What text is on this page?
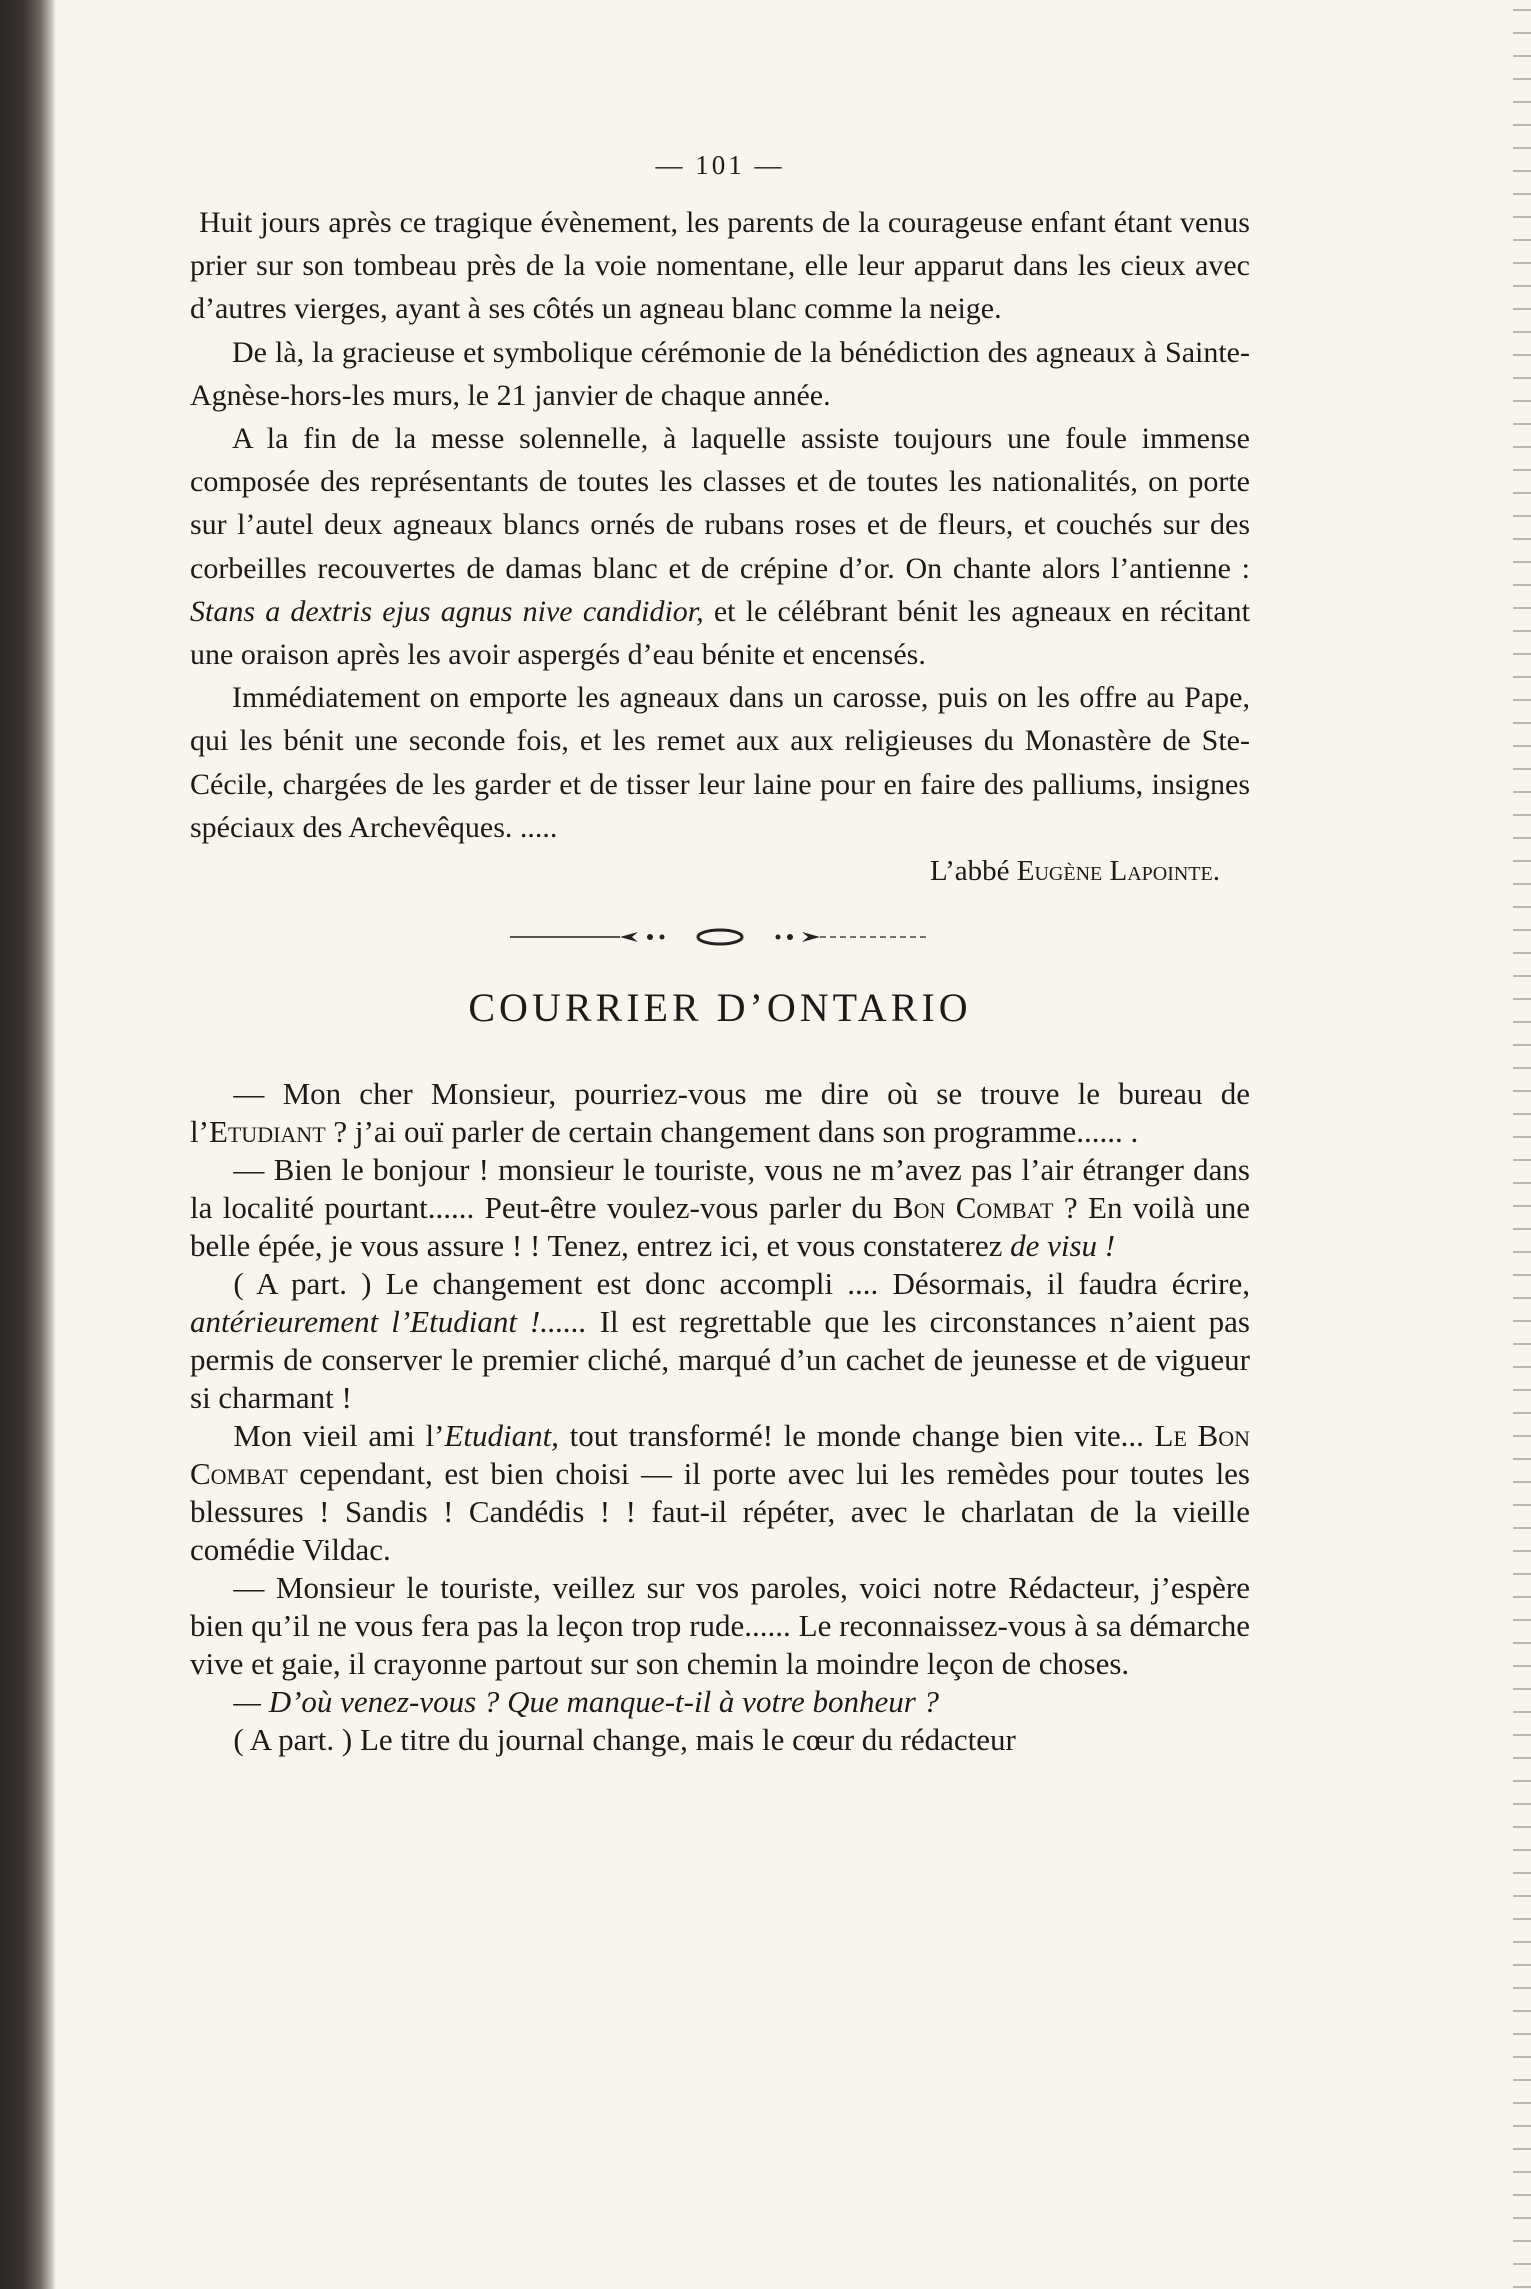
— 101 —

Huit jours après ce tragique évènement, les parents de la courageuse enfant étant venus prier sur son tombeau près de la voie nomentane, elle leur apparut dans les cieux avec d’autres vierges, ayant à ses côtés un agneau blanc comme la neige.

De là, la gracieuse et symbolique cérémonie de la bénédiction des agneaux à Sainte-Agnèse-hors-les murs, le 21 janvier de chaque année.

A la fin de la messe solennelle, à laquelle assiste toujours une foule immense composée des représentants de toutes les classes et de toutes les nationalités, on porte sur l’autel deux agneaux blancs ornés de rubans roses et de fleurs, et couchés sur des corbeilles recouvertes de damas blanc et de crépine d’or. On chante alors l’antienne : Stans a dextris ejus agnus nive candidior, et le célébrant bénit les agneaux en récitant une oraison après les avoir aspergés d’eau bénite et encensés.

Immédiatement on emporte les agneaux dans un carosse, puis on les offre au Pape, qui les bénit une seconde fois, et les remet aux aux religieuses du Monastère de Ste-Cécile, chargées de les garder et de tisser leur laine pour en faire des palliums, insignes spéciaux des Archevêques. .....

L’abbé Eugène Lapointe.
COURRIER D’ONTARIO

— Mon cher Monsieur, pourriez-vous me dire où se trouve le bureau de l’Etudiant ? j’ai ouï parler de certain changement dans son programme...... .

— Bien le bonjour ! monsieur le touriste, vous ne m’avez pas l’air étranger dans la localité pourtant...... Peut-être voulez-vous parler du Bon Combat ? En voilà une belle épée, je vous assure ! ! Tenez, entrez ici, et vous constaterez de visu !

( A part. ) Le changement est donc accompli .... Désormais, il faudra écrire, antérieurement l’Etudiant !...... Il est regrettable que les circonstances n’aient pas permis de conserver le premier cliché, marqué d’un cachet de jeunesse et de vigueur si charmant !

Mon vieil ami l’Etudiant, tout transformé! le monde change bien vite... Le Bon Combat cependant, est bien choisi — il porte avec lui les remèdes pour toutes les blessures ! Sandis ! Candédis ! ! faut-il répéter, avec le charlatan de la vieille comédie Vildac.

— Monsieur le touriste, veillez sur vos paroles, voici notre Rédacteur, j’espère bien qu’il ne vous fera pas la leçon trop rude...... Le reconnaissez-vous à sa démarche vive et gaie, il crayonne partout sur son chemin la moindre leçon de choses.

— D’où venez-vous ? Que manque-t-il à votre bonheur ?

( A part. ) Le titre du journal change, mais le cœur du rédacteur
